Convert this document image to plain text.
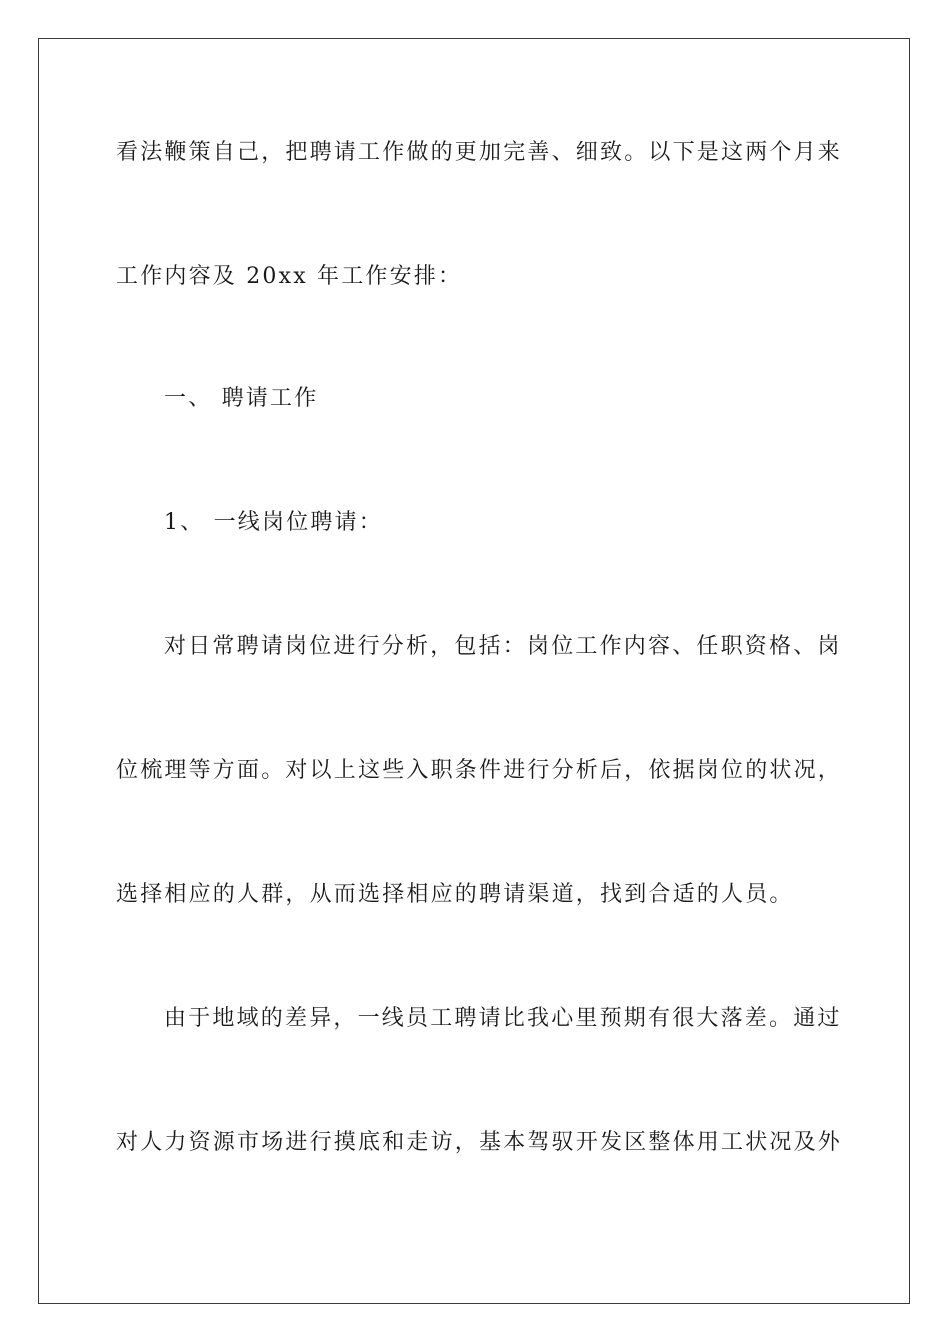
看法鞭策自己，把聘请工作做的更加完善、细致。以下是这两个月来
工作内容及 20xx 年工作安排：
一、 聘请工作
1、 一线岗位聘请：
对日常聘请岗位进行分析，包括：岗位工作内容、任职资格、岗
位梳理等方面。对以上这些入职条件进行分析后，依据岗位的状况，
选择相应的人群，从而选择相应的聘请渠道，找到合适的人员。
由于地域的差异，一线员工聘请比我心里预期有很大落差。通过
对人力资源市场进行摸底和走访，基本驾驭开发区整体用工状况及外
